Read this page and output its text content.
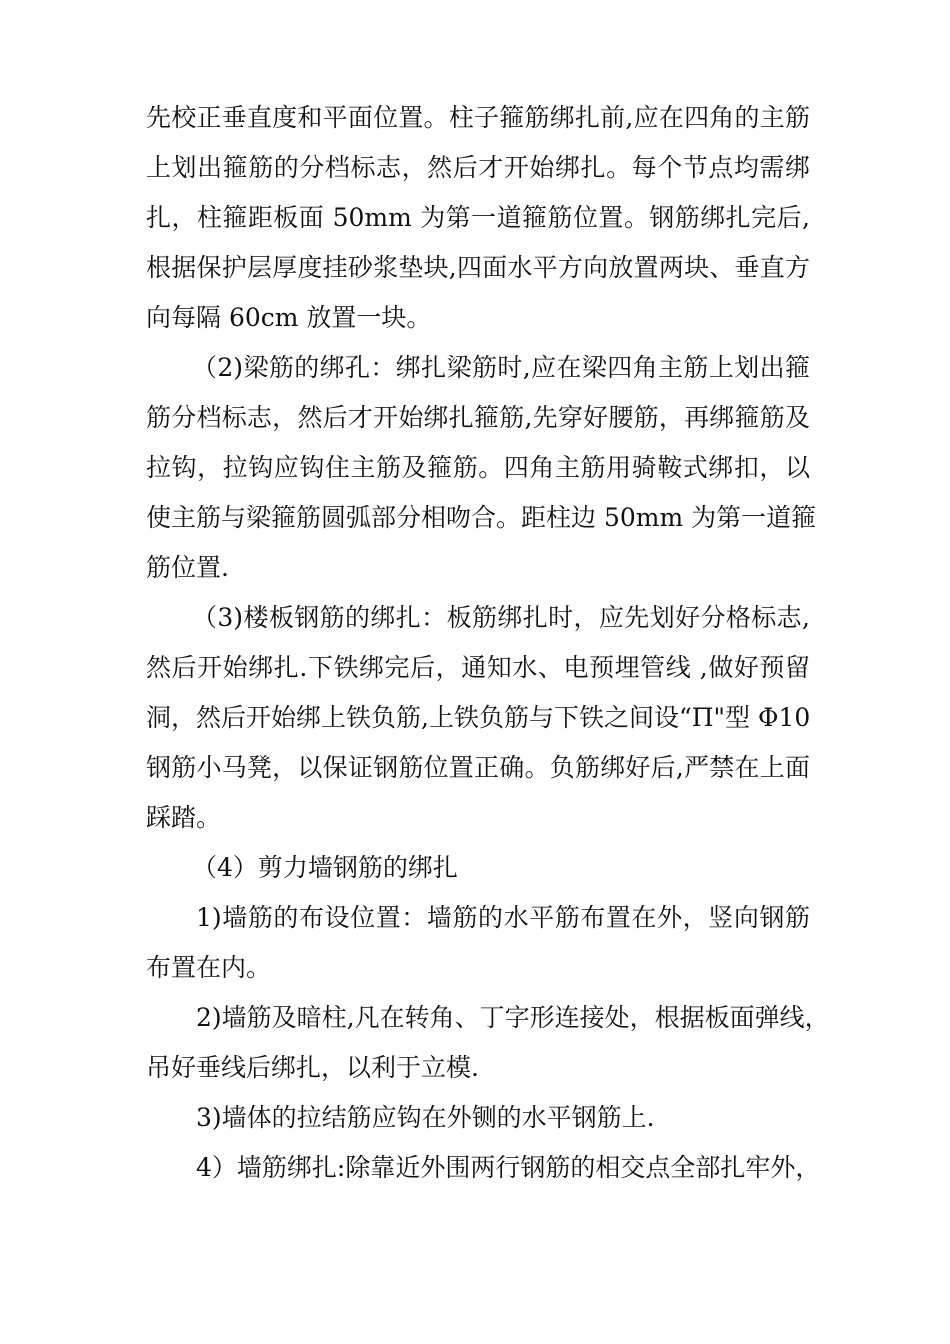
先校正垂直度和平面位置。柱子箍筋绑扎前,应在四角的主筋
上划出箍筋的分档标志，然后才开始绑扎。每个节点均需绑
扎，柱箍距板面 50mm 为第一道箍筋位置。钢筋绑扎完后,
根据保护层厚度挂砂浆垫块,四面水平方向放置两块、垂直方
向每隔 60cm 放置一块。
（2)梁筋的绑孔：绑扎梁筋时,应在梁四角主筋上划出箍
筋分档标志，然后才开始绑扎箍筋,先穿好腰筋，再绑箍筋及
拉钩，拉钩应钩住主筋及箍筋。四角主筋用骑鞍式绑扣，以
使主筋与梁箍筋圆弧部分相吻合。距柱边 50mm 为第一道箍
筋位置.
（3)楼板钢筋的绑扎：板筋绑扎时，应先划好分格标志,
然后开始绑扎.下铁绑完后，通知水、电预埋管线 ,做好预留
洞，然后开始绑上铁负筋,上铁负筋与下铁之间设“Π"型 Φ10
钢筋小马凳，以保证钢筋位置正确。负筋绑好后,严禁在上面
踩踏。
（4）剪力墙钢筋的绑扎
1)墙筋的布设位置：墙筋的水平筋布置在外，竖向钢筋
布置在内。
2)墙筋及暗柱,凡在转角、丁字形连接处，根据板面弹线，
吊好垂线后绑扎，以利于立模.
3)墙体的拉结筋应钩在外铡的水平钢筋上.
4）墙筋绑扎:除靠近外围两行钢筋的相交点全部扎牢外，
